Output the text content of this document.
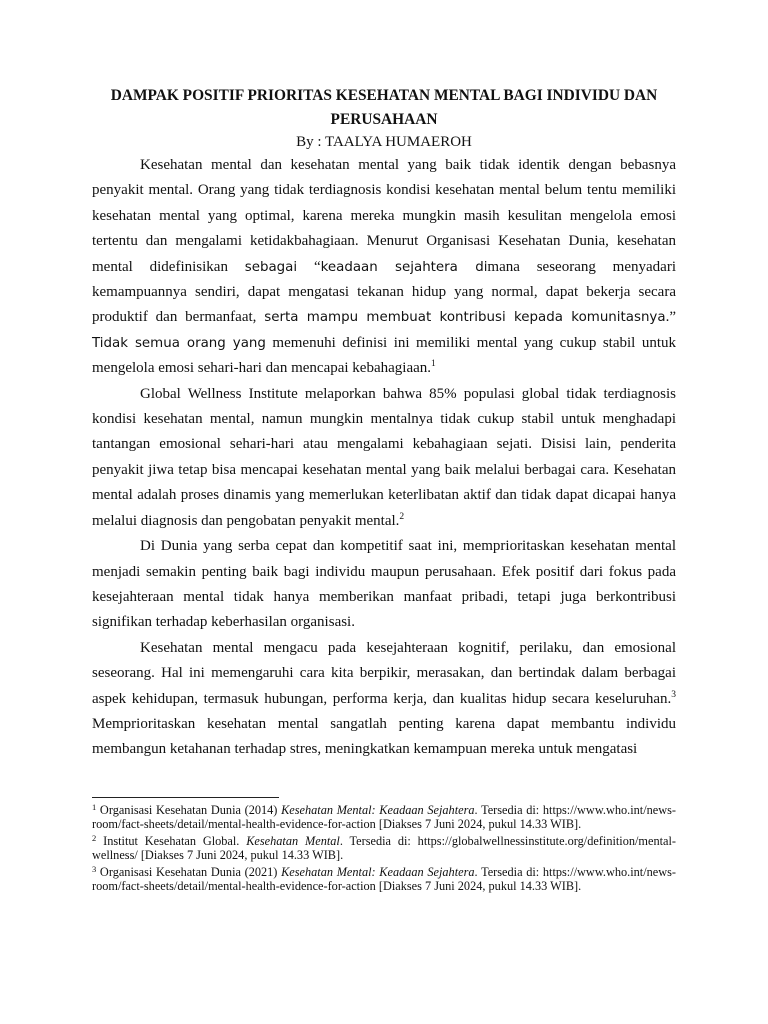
DAMPAK POSITIF PRIORITAS KESEHATAN MENTAL BAGI INDIVIDU DAN PERUSAHAAN

By : TAALYA HUMAEROH

Kesehatan mental dan kesehatan mental yang baik tidak identik dengan bebasnya penyakit mental. Orang yang tidak terdiagnosis kondisi kesehatan mental belum tentu memiliki kesehatan mental yang optimal, karena mereka mungkin masih kesulitan mengelola emosi tertentu dan mengalami ketidakbahagiaan. Menurut Organisasi Kesehatan Dunia, kesehatan mental didefinisikan sebagai “keadaan sejahtera dimana seseorang menyadari kemampuannya sendiri, dapat mengatasi tekanan hidup yang normal, dapat bekerja secara produktif dan bermanfaat, serta mampu membuat kontribusi kepada komunitasnya.” Tidak semua orang yang memenuhi definisi ini memiliki mental yang cukup stabil untuk mengelola emosi sehari-hari dan mencapai kebahagiaan.$^1$

Global Wellness Institute melaporkan bahwa 85% populasi global tidak terdiagnosis kondisi kesehatan mental, namun mungkin mentalnya tidak cukup stabil untuk menghadapi tantangan emosional sehari-hari atau mengalami kebahagiaan sejati. Disisi lain, penderita penyakit jiwa tetap bisa mencapai kesehatan mental yang baik melalui berbagai cara. Kesehatan mental adalah proses dinamis yang memerlukan keterlibatan aktif dan tidak dapat dicapai hanya melalui diagnosis dan pengobatan penyakit mental.$^2$

Di Dunia yang serba cepat dan kompetitif saat ini, memprioritaskan kesehatan mental menjadi semakin penting baik bagi individu maupun perusahaan. Efek positif dari fokus pada kesejahteraan mental tidak hanya memberikan manfaat pribadi, tetapi juga berkontribusi signifikan terhadap keberhasilan organisasi.

Kesehatan mental mengacu pada kesejahteraan kognitif, perilaku, dan emosional seseorang. Hal ini memengaruhi cara kita berpikir, merasakan, dan bertindak dalam berbagai aspek kehidupan, termasuk hubungan, performa kerja, dan kualitas hidup secara keseluruhan.$^3$ Memprioritaskan kesehatan mental sangatlah penting karena dapat membantu individu membangun ketahanan terhadap stres, meningkatkan kemampuan mereka untuk mengatasi

$^1$ Organisasi Kesehatan Dunia (2014) Kesehatan Mental: Keadaan Sejahtera. Tersedia di: https://www.who.int/news-room/fact-sheets/detail/mental-health-evidence-for-action [Diakses 7 Juni 2024, pukul 14.33 WIB].

$^2$ Institut Kesehatan Global. Kesehatan Mental. Tersedia di: https://globalwellnessinstitute.org/definition/mental-wellness/ [Diakses 7 Juni 2024, pukul 14.33 WIB].

$^3$ Organisasi Kesehatan Dunia (2021) Kesehatan Mental: Keadaan Sejahtera. Tersedia di: https://www.who.int/news-room/fact-sheets/detail/mental-health-evidence-for-action [Diakses 7 Juni 2024, pukul 14.33 WIB].
